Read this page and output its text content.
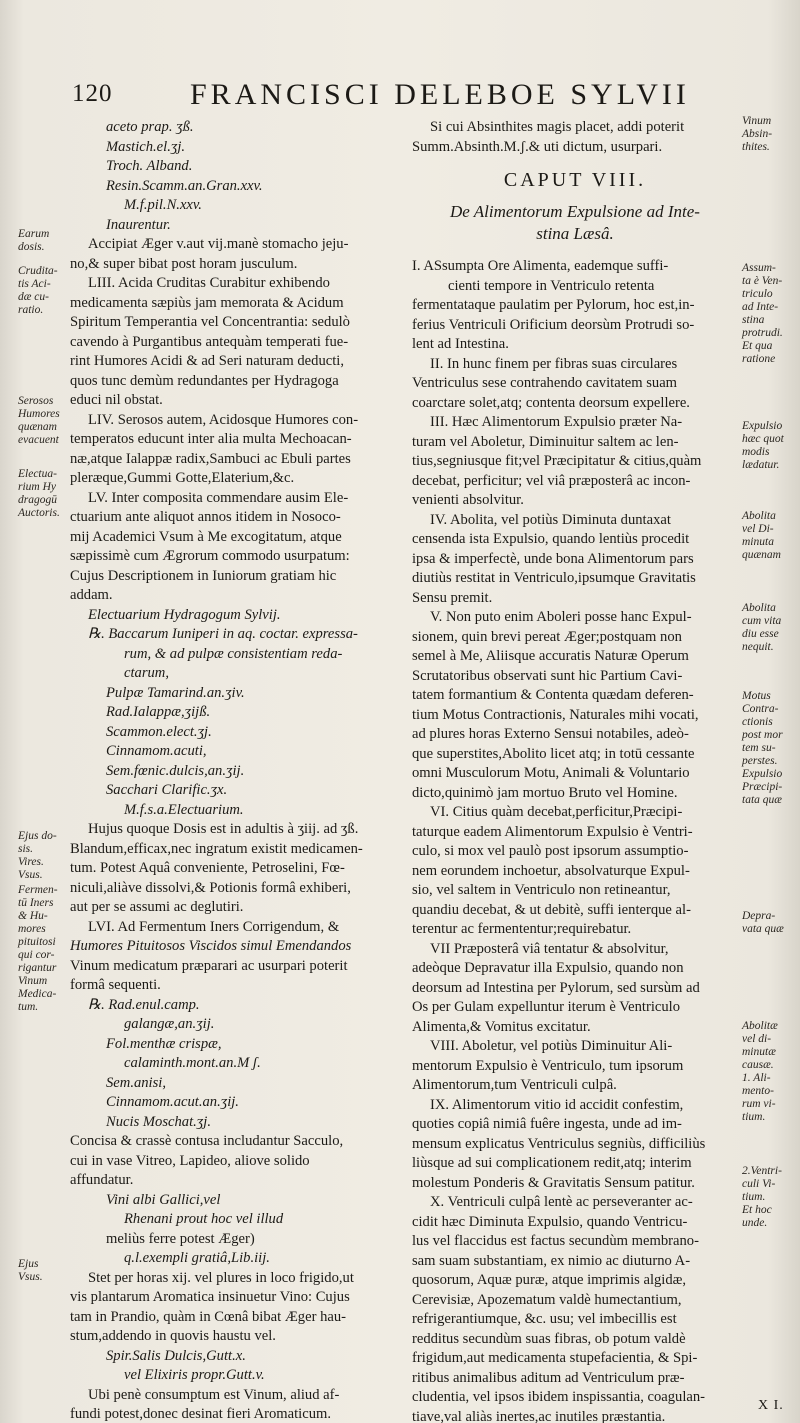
120	FRANCISCI DELEBOE SYLVII
Earum
dosis.
Crudita-
tis Aci-
dæ cu-
ratio.
Serosos
Humores
quænam
evacuent
Electua-
rium Hy
dragogū
Auctoris.
Ejus do-
sis.
Vires.
Vsus.
Fermen-
tū Iners
& Hu-
mores
pituitosi
qui cor-
rigantur
Vinum
Medica-
tum.
Ejus
Vsus.
Vinum
Absin-
thites.
Assum-
ta è Ven-
triculo
ad Inte-
stina
protrudi.
Et qua
ratione
Expulsio
hæc quot
modis
lædatur.
Abolita
vel Di-
minuta
quænam
Abolita
cum vita
diu esse
nequit.
Motus
Contra-
ctionis
post mor
tem su-
perstes.
Expulsio
Præcipi-
tata quæ
Depra-
vata quæ
Abolitæ
vel di-
minutæ
causæ.
1. Ali-
mento-
rum vi-
tium.
2.Ventri-
culi Vi-
tium.
Et hoc
unde.
aceto prap. ʒß.
Mastich.el.ʒj.
Troch. Alband.
Resin.Scamm.an.Gran.xxv.
M.f.pil.N.xxv.
Inaurentur.
Accipiat Æger v.aut vij.manè stomacho jeju-
no,& super bibat post horam jusculum.
LIII. Acida Cruditas Curabitur exhibendo
medicamenta sæpiùs jam memorata & Acidum
Spiritum Temperantia vel Concentrantia: sedulò
cavendo à Purgantibus antequàm temperati fue-
rint Humores Acidi & ad Seri naturam deducti,
quos tunc demùm redundantes per Hydragoga
educi nil obstat.
LIV. Serosos autem, Acidosque Humores con-
temperatos educunt inter alia multa Mechoacan-
næ,atque Ialappæ radix,Sambuci ac Ebuli partes
pleræque,Gummi Gotte,Elaterium,&c.
LV. Inter composita commendare ausim Ele-
ctuarium ante aliquot annos itidem in Nosoco-
mij Academici Vsum à Me excogitatum, atque
sæpissimè cum Ægrorum commodo usurpatum:
Cujus Descriptionem in Iuniorum gratiam hic
addam.
Electuarium Hydragogum Sylvij.
℞. Baccarum Iuniperi in aq. coctar. expressa-
rum, & ad pulpæ consistentiam reda-
ctarum,
Pulpæ Tamarind.an.ʒiv.
Rad.Ialappæ,ʒijß.
Scammon.elect.ʒj.
Cinnamom.acuti,
Sem.fœnic.dulcis,an.ʒij.
Sacchari Clarific.ʒx.
M.f.s.a.Electuarium.
Hujus quoque Dosis est in adultis à ʒiij. ad ʒß.
Blandum,efficax,nec ingratum existit medicamen-
tum. Potest Aquâ conveniente, Petroselini, Fœ-
niculi,aliàve dissolvi,& Potionis formâ exhiberi,
aut per se assumi ac deglutiri.
LVI. Ad Fermentum Iners Corrigendum, &
Humores Pituitosos Viscidos simul Emendandos
Vinum medicatum præparari ac usurpari poterit
formâ sequenti.
℞. Rad.enul.camp.
galangæ,an.ʒij.
Fol.menthæ crispæ,
calaminth.mont.an.M ʃ.
Sem.anisi,
Cinnamom.acut.an.ʒij.
Nucis Moschat.ʒj.
Concisa & crassè contusa includantur Sacculo,
cui in vase Vitreo, Lapideo, aliove solido
affundatur.
Vini albi Gallici,vel
Rhenani prout hoc vel illud
meliùs ferre potest Æger)
q.l.exempli gratiâ,Lib.iij.
Stet per horas xij. vel plures in loco frigido,ut
vis plantarum Aromatica insinuetur Vino: Cujus
tam in Prandio, quàm in Cœnâ bibat Æger hau-
stum,addendo in quovis haustu vel.
Spir.Salis Dulcis,Gutt.x.
vel Elixiris propr.Gutt.v.
Ubi penè consumptum est Vinum, aliud af-
fundi potest,donec desinat fieri Aromaticum.
Si cui Absinthites magis placet, addi poterit
Summ.Absinth.M.ʃ.& uti dictum, usurpari.
CAPUT VIII.
De Alimentorum Expulsione ad Inte-
stina Læsâ.
I. ASsumpta Ore Alimenta, eademque suffi-
cienti tempore in Ventriculo retenta
fermentataque paulatim per Pylorum, hoc est,in-
ferius Ventriculi Orificium deorsùm Protrudi so-
lent ad Intestina.
II. In hunc finem per fibras suas circulares
Ventriculus sese contrahendo cavitatem suam
coarctare solet,atq; contenta deorsum expellere.
III. Hæc Alimentorum Expulsio præter Na-
turam vel Aboletur, Diminuitur saltem ac len-
tius,segniusque fit;vel Præcipitatur & citius,quàm
decebat, perficitur; vel viâ præposterâ ac incon-
venienti absolvitur.
IV. Abolita, vel potiùs Diminuta duntaxat
censenda ista Expulsio, quando lentiùs procedit
ipsa & imperfectè, unde bona Alimentorum pars
diutiùs restitat in Ventriculo,ipsumque Gravitatis
Sensu premit.
V. Non puto enim Aboleri posse hanc Expul-
sionem, quin brevi pereat Æger;postquam non
semel à Me, Aliisque accuratis Naturæ Operum
Scrutatoribus observati sunt hic Partium Cavi-
tatem formantium & Contenta quædam deferen-
tium Motus Contractionis, Naturales mihi vocati,
ad plures horas Externo Sensui notabiles, adeò-
que superstites,Abolito licet atq; in totū cessante
omni Musculorum Motu, Animali & Voluntario
dicto,quinimò jam mortuo Bruto vel Homine.
VI. Citius quàm decebat,perficitur,Præcipi-
taturque eadem Alimentorum Expulsio è Ventri-
culo, si mox vel paulò post ipsorum assumptio-
nem eorundem inchoetur, absolvaturque Expul-
sio, vel saltem in Ventriculo non retineantur,
quandiu decebat, & ut debitè, suffi ienterque al-
terentur ac fermententur;requirebatur.
VII Præposterâ viâ tentatur & absolvitur,
adeòque Depravatur illa Expulsio, quando non
deorsum ad Intestina per Pylorum, sed sursùm ad
Os per Gulam expelluntur iterum è Ventriculo
Alimenta,& Vomitus excitatur.
VIII. Aboletur, vel potiùs Diminuitur Ali-
mentorum Expulsio è Ventriculo, tum ipsorum
Alimentorum,tum Ventriculi culpâ.
IX. Alimentorum vitio id accidit confestim,
quoties copiâ nimiâ fuêre ingesta, unde ad im-
mensum explicatus Ventriculus segniùs, difficiliùs
liùsque ad sui complicationem redit,atq; interim
molestum Ponderis & Gravitatis Sensum patitur.
X. Ventriculi culpâ lentè ac perseveranter ac-
cidit hæc Diminuta Expulsio, quando Ventricu-
lus vel flaccidus est factus secundùm membrano-
sam suam substantiam, ex nimio ac diuturno A-
quosorum, Aquæ puræ, atque imprimis algidæ,
Cerevisiæ, Apozematum valdè humectantium,
refrigerantiumque, &c. usu; vel imbecillis est
redditus secundùm suas fibras, ob potum valdè
frigidum,aut medicamenta stupefacientia, & Spi-
ritibus animalibus aditum ad Ventriculum præ-
cludentia, vel ipsos ibidem inspissantia, coagulan-
tiave,val aliàs inertes,ac inutiles præstantia.
X I.
